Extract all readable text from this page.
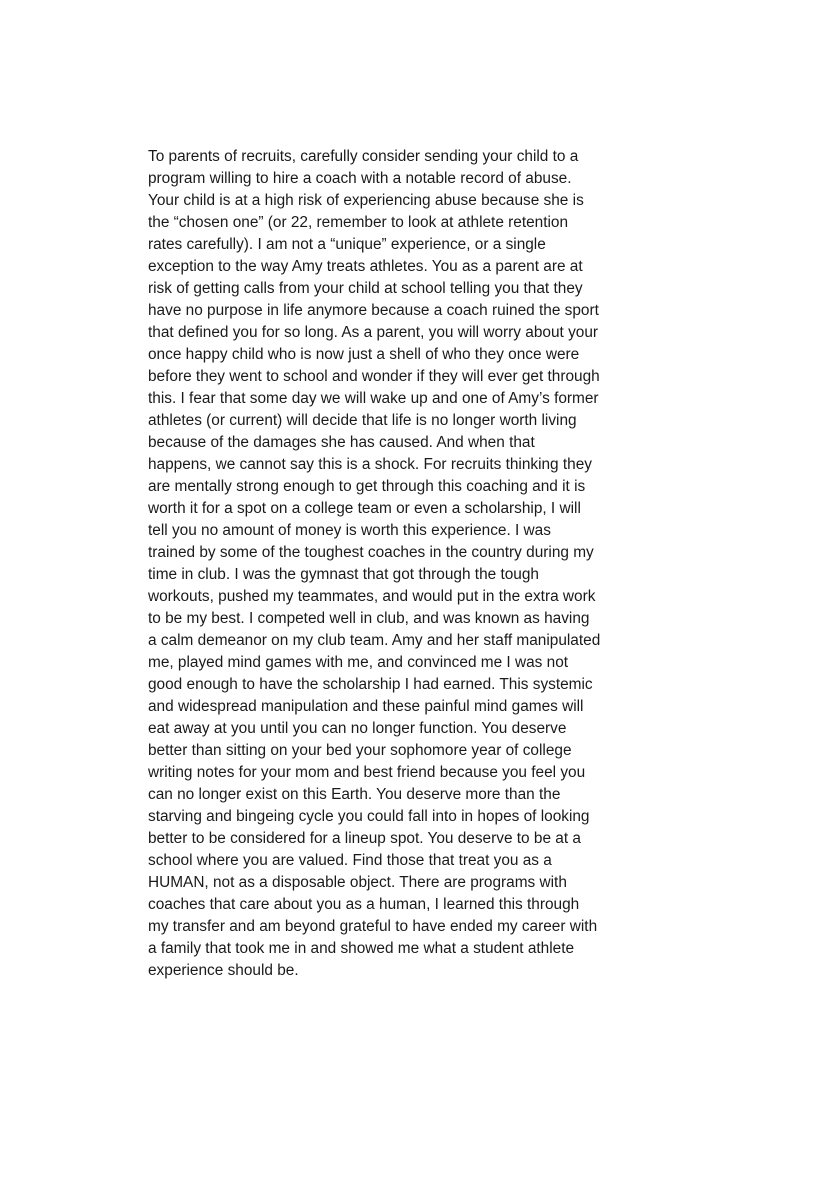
To parents of recruits, carefully consider sending your child to a
program willing to hire a coach with a notable record of abuse.
Your child is at a high risk of experiencing abuse because she is
the “chosen one” (or 22, remember to look at athlete retention
rates carefully). I am not a “unique” experience, or a single
exception to the way Amy treats athletes. You as a parent are at
risk of getting calls from your child at school telling you that they
have no purpose in life anymore because a coach ruined the sport
that defined you for so long. As a parent, you will worry about your
once happy child who is now just a shell of who they once were
before they went to school and wonder if they will ever get through
this. I fear that some day we will wake up and one of Amy’s former
athletes (or current) will decide that life is no longer worth living
because of the damages she has caused. And when that
happens, we cannot say this is a shock. For recruits thinking they
are mentally strong enough to get through this coaching and it is
worth it for a spot on a college team or even a scholarship, I will
tell you no amount of money is worth this experience. I was
trained by some of the toughest coaches in the country during my
time in club. I was the gymnast that got through the tough
workouts, pushed my teammates, and would put in the extra work
to be my best. I competed well in club, and was known as having
a calm demeanor on my club team. Amy and her staff manipulated
me, played mind games with me, and convinced me I was not
good enough to have the scholarship I had earned. This systemic
and widespread manipulation and these painful mind games will
eat away at you until you can no longer function. You deserve
better than sitting on your bed your sophomore year of college
writing notes for your mom and best friend because you feel you
can no longer exist on this Earth. You deserve more than the
starving and bingeing cycle you could fall into in hopes of looking
better to be considered for a lineup spot. You deserve to be at a
school where you are valued. Find those that treat you as a
HUMAN, not as a disposable object. There are programs with
coaches that care about you as a human, I learned this through
my transfer and am beyond grateful to have ended my career with
a family that took me in and showed me what a student athlete
experience should be.
